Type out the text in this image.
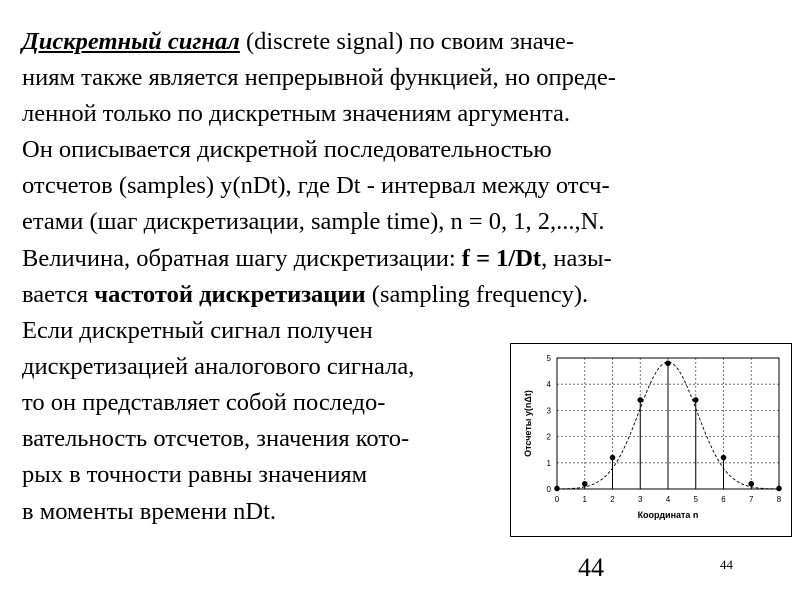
Дискретный сигнал (discrete signal) по своим значе-
ниям также является непрерывной функцией, но опреде-
ленной только по дискретным значениям аргумента.
Он описывается дискретной последовательностью
отсчетов (samples) y(nDt), где Dt - интервал между отсч-
етами (шаг дискретизации, sample time), n = 0, 1, 2,...,N.
Величина, обратная шагу дискретизации: f = 1/Dt, назы-
вается частотой дискретизации (sampling frequency).
Если дискретный сигнал получен
дискретизацией аналогового сигнала,
то он представляет собой последо-
вательность отсчетов, значения кото-
рых в точности равны значениям
в моменты времени nDt.	0	1	2	3	4	5	6	7	8
0
1
2
3
4
5
Координата n
Отсчеты y(nΔt)
44	44
